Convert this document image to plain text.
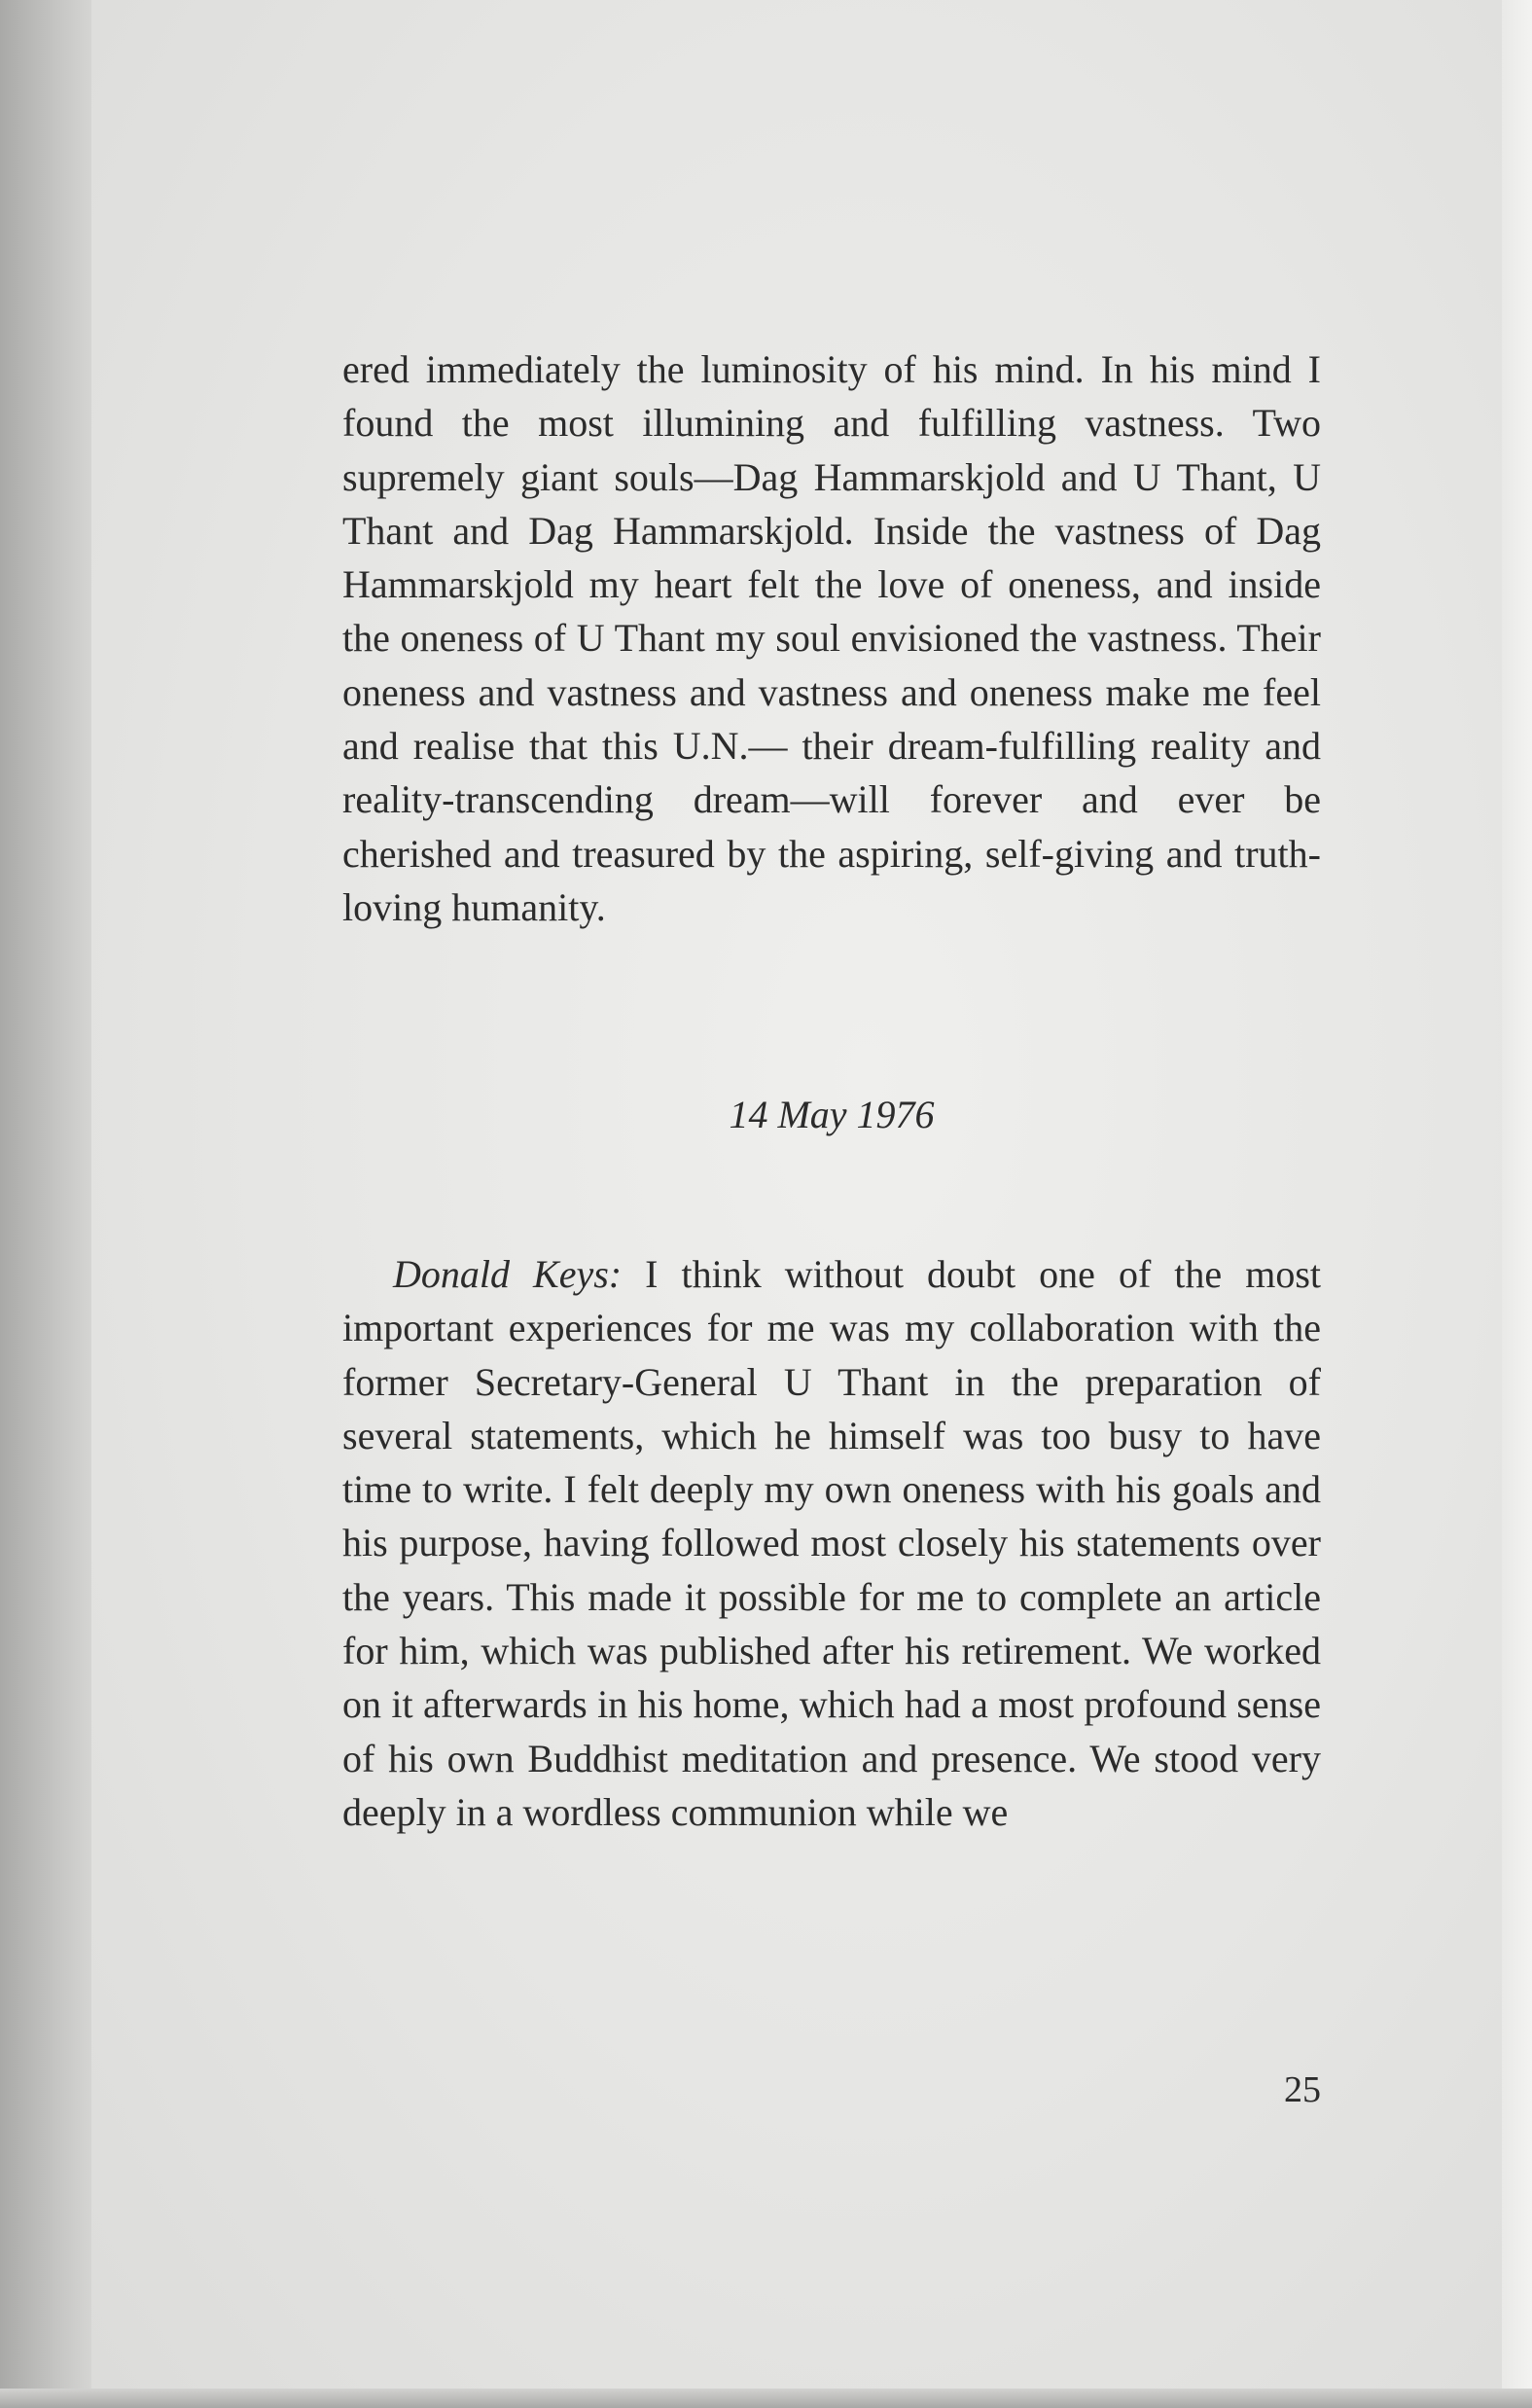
ered immediately the luminosity of his mind. In his mind I found the most illumining and fulfilling vastness. Two supremely giant souls—Dag Hammarskjold and U Thant, U Thant and Dag Hammarskjold. Inside the vastness of Dag Hammarskjold my heart felt the love of oneness, and inside the oneness of U Thant my soul envisioned the vastness. Their oneness and vastness and vastness and oneness make me feel and realise that this U.N.— their dream-fulfilling reality and reality-transcending dream—will forever and ever be cherished and treasured by the aspiring, self-giving and truthloving humanity.

14 May 1976

Donald Keys: I think without doubt one of the most important experiences for me was my collaboration with the former Secretary-General U Thant in the preparation of several statements, which he himself was too busy to have time to write. I felt deeply my own oneness with his goals and his purpose, having followed most closely his statements over the years. This made it possible for me to complete an article for him, which was published after his retirement. We worked on it afterwards in his home, which had a most profound sense of his own Buddhist meditation and presence. We stood very deeply in a wordless communion while we

25
